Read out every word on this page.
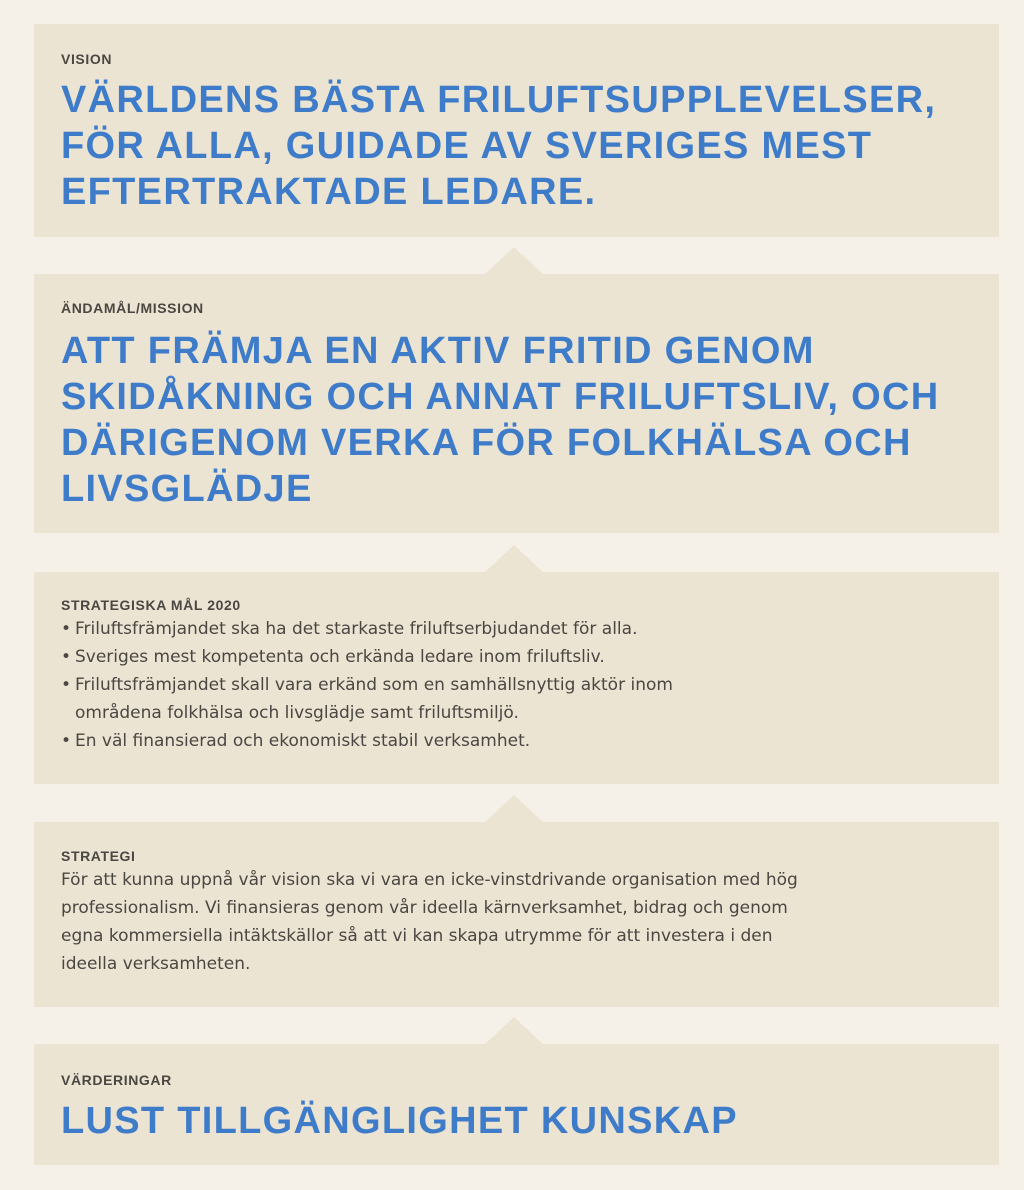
VISION

VÄRLDENS BÄSTA FRILUFTSUPPLEVELSER, FÖR ALLA, GUIDADE AV SVERIGES MEST EFTERTRAKTADE LEDARE.

ÄNDAMÅL/MISSION

ATT FRÄMJA EN AKTIV FRITID GENOM SKIDÅKNING OCH ANNAT FRILUFTSLIV, OCH DÄRIGENOM VERKA FÖR FOLKHÄLSA OCH LIVSGLÄDJE

STRATEGISKA MÅL 2020

• Friluftsfrämjandet ska ha det starkaste friluftserbjudandet för alla.
• Sveriges mest kompetenta och erkända ledare inom friluftsliv.
• Friluftsfrämjandet skall vara erkänd som en samhällsnyttig aktör inom områdena folkhälsa och livsglädje samt friluftsmiljö.
• En väl finansierad och ekonomiskt stabil verksamhet.

STRATEGI

För att kunna uppnå vår vision ska vi vara en icke-vinstdrivande organisation med hög professionalism. Vi finansieras genom vår ideella kärnverksamhet, bidrag och genom egna kommersiella intäktskällor så att vi kan skapa utrymme för att investera i den ideella verksamheten.

VÄRDERINGAR

LUST TILLGÄNGLIGHET KUNSKAP
